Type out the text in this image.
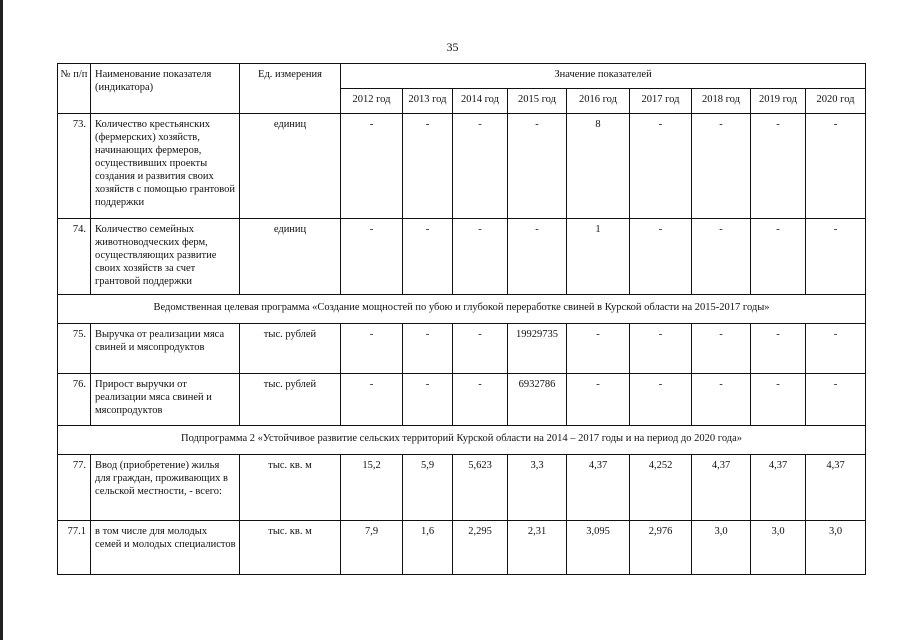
35
№ п/п	Наименование показателя (индикатора)	Ед. измерения	Значение показателей								
			2012 год	2013 год	2014 год	2015 год	2016 год	2017 год	2018 год	2019 год	2020 год
73.	Количество крестьянских (фермерских) хозяйств, начинающих фермеров, осуществивших проекты создания и развития своих хозяйств с помощью грантовой поддержки	единиц	-	-	-	-	8	-	-	-	-
74.	Количество семейных животноводческих ферм, осуществляющих развитие своих хозяйств за счет грантовой поддержки	единиц	-	-	-	-	1	-	-	-	-
Ведомственная целевая программа «Создание мощностей по убою и глубокой переработке свиней в Курской области на 2015-2017 годы»											
75.	Выручка от реализации мяса свиней и мясопродуктов	тыс. рублей	-	-	-	19929735	-	-	-	-	-
76.	Прирост выручки от реализации мяса свиней и мясопродуктов	тыс. рублей	-	-	-	6932786	-	-	-	-	-
Подпрограмма 2 «Устойчивое развитие сельских территорий Курской области на 2014 – 2017 годы и на период до 2020 года»											
77.	Ввод (приобретение) жилья для граждан, проживающих в сельской местности, - всего:	тыс. кв. м	15,2	5,9	5,623	3,3	4,37	4,252	4,37	4,37	4,37
77.1	в том числе для молодых семей и молодых специалистов	тыс. кв. м	7,9	1,6	2,295	2,31	3,095	2,976	3,0	3,0	3,0
